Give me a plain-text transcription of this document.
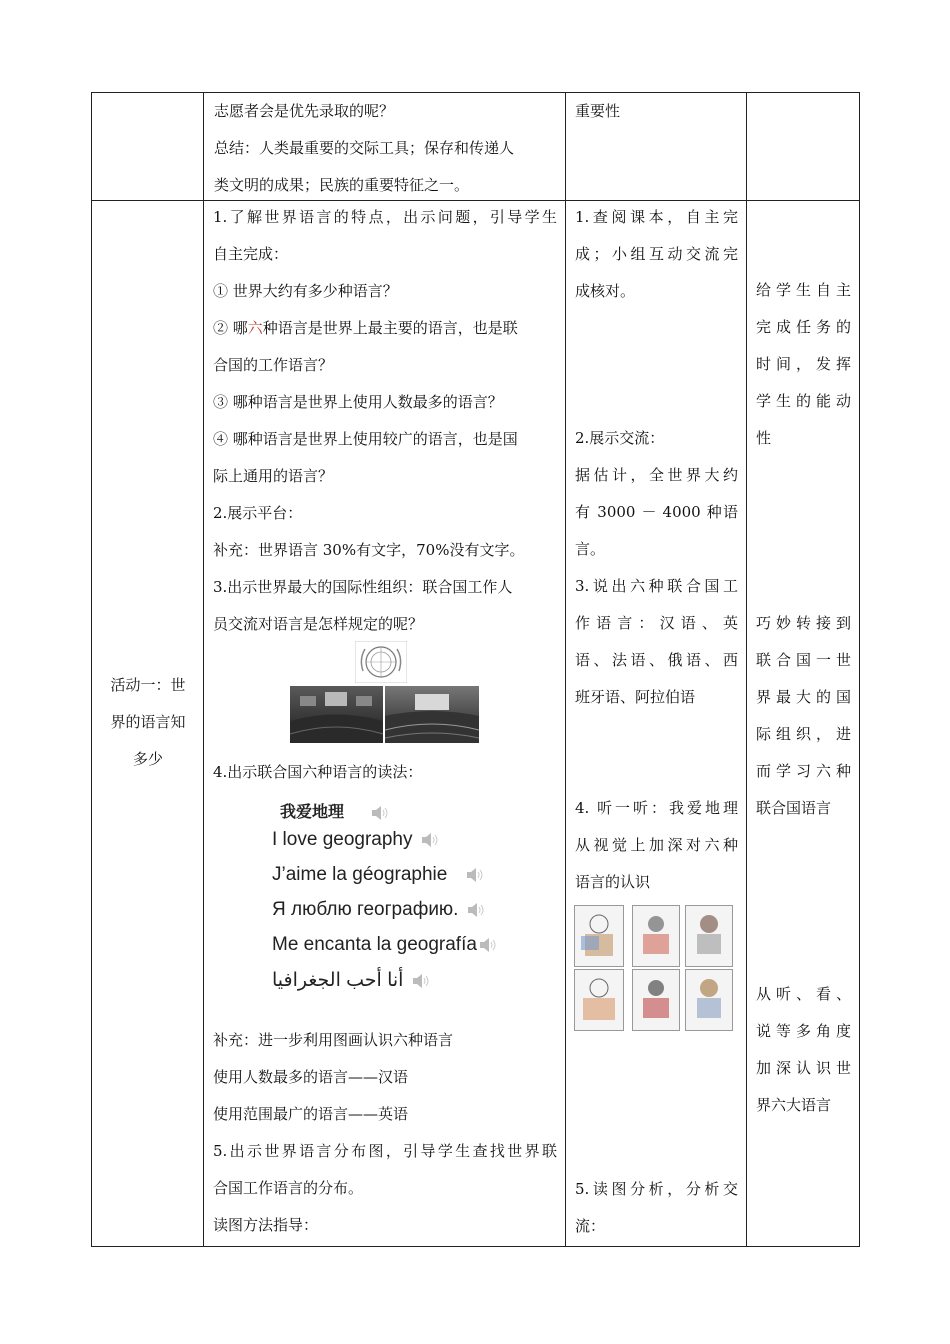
志愿者会是优先录取的呢？

总结：人类最重要的交际工具；保存和传递人

类文明的成果；民族的重要特征之一。

重要性

活动一：世
界的语言知
多少

1.了解世界语言的特点，出示问题，引导学生

自主完成：

① 世界大约有多少种语言？

② 哪六种语言是世界上最主要的语言，也是联

合国的工作语言？

③ 哪种语言是世界上使用人数最多的语言？

④ 哪种语言是世界上使用较广的语言，也是国

际上通用的语言？

2.展示平台：

补充：世界语言 30%有文字，70%没有文字。

3.出示世界最大的国际性组织：联合国工作人

员交流对语言是怎样规定的呢？

4.出示联合国六种语言的读法：

我爱地理
I love geography
J’aime la géographie
Я люблю географию.
Me encanta la geografía
أنا أحب الجغرافيا

补充：进一步利用图画认识六种语言

使用人数最多的语言——汉语

使用范围最广的语言——英语

5.出示世界语言分布图，引导学生查找世界联

合国工作语言的分布。

读图方法指导：

1.查阅课本，自主完

成；小组互动交流完

成核对。

2.展示交流：

据估计，全世界大约

有 3000 － 4000 种语

言。

3.说出六种联合国工

作语言：汉语、英

语、法语、俄语、西

班牙语、阿拉伯语

4. 听一听：我爱地理

从视觉上加深对六种

语言的认识

5.读图分析，分析交

流：

给学生自主

完成任务的

时间，发挥

学生的能动

性

巧妙转接到

联合国一世

界最大的国

际组织，进

而学习六种

联合国语言

从听、看、

说等多角度

加深认识世

界六大语言
